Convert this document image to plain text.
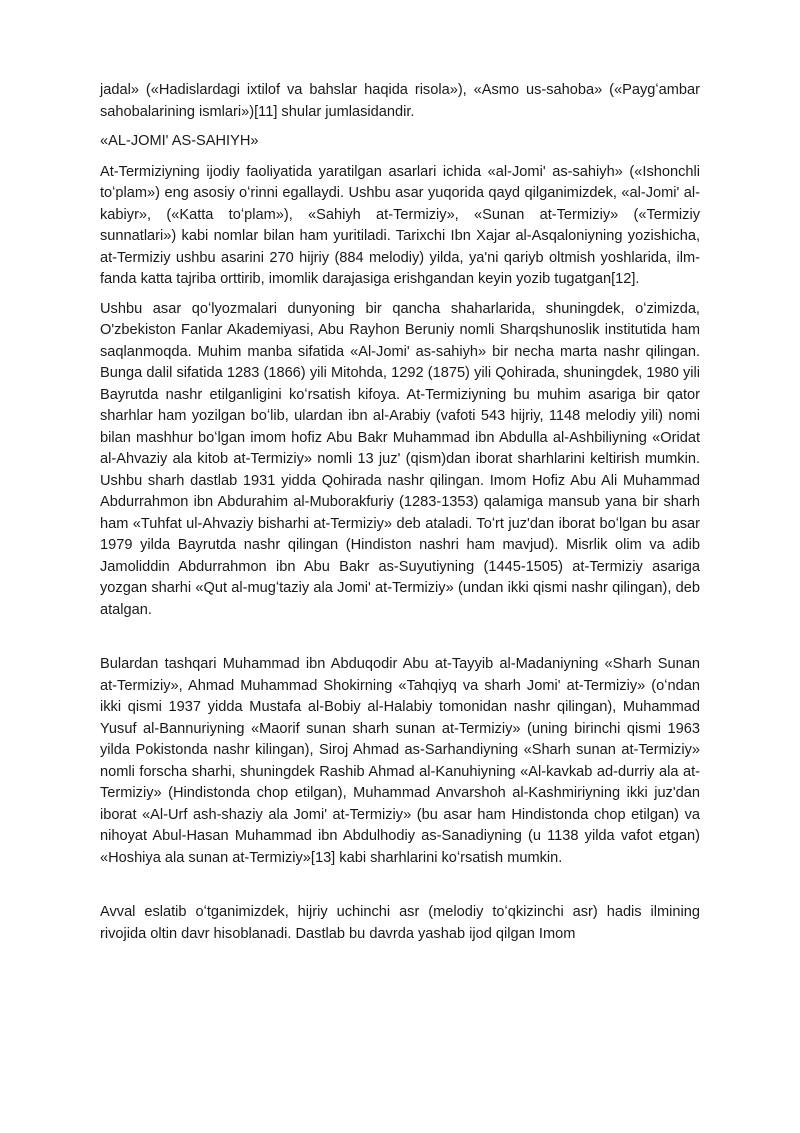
jadal» («Hadislardagi ixtilof va bahslar haqida risola»), «Asmo us-sahoba» («Paygʻambar sahobalarining ismlari»)[11] shular jumlasidandir.

«AL-JOMI' AS-SAHIYH»

At-Termiziyning ijodiy faoliyatida yaratilgan asarlari ichida «al-Jomi' as-sahiyh» («Ishonchli toʻplam») eng asosiy oʻrinni egallaydi. Ushbu asar yuqorida qayd qilganimizdek, «al-Jomi' al-kabiyr», («Katta toʻplam»), «Sahiyh at-Termiziy», «Sunan at-Termiziy» («Termiziy sunnatlari») kabi nomlar bilan ham yuritiladi. Tarixchi Ibn Xajar al-Asqaloniyning yozishicha, at-Termiziy ushbu asarini 270 hijriy (884 melodiy) yilda, ya'ni qariyb oltmish yoshlarida, ilm-fanda katta tajriba orttirib, imomlik darajasiga erishgandan keyin yozib tugatgan[12].

Ushbu asar qoʻlyozmalari dunyoning bir qancha shaharlarida, shuningdek, oʻzimizda, O'zbekiston Fanlar Akademiyasi, Abu Rayhon Beruniy nomli Sharqshunoslik institutida ham saqlanmoqda. Muhim manba sifatida «Al-Jomi' as-sahiyh» bir necha marta nashr qilingan. Bunga dalil sifatida 1283 (1866) yili Mitohda, 1292 (1875) yili Qohirada, shuningdek, 1980 yili Bayrutda nashr etilganligini koʻrsatish kifoya. At-Termiziyning bu muhim asariga bir qator sharhlar ham yozilgan boʻlib, ulardan ibn al-Arabiy (vafoti 543 hijriy, 1148 melodiy yili) nomi bilan mashhur boʻlgan imom hofiz Abu Bakr Muhammad ibn Abdulla al-Ashbiliyning «Oridat al-Ahvaziy ala kitob at-Termiziy» nomli 13 juz' (qism)dan iborat sharhlarini keltirish mumkin. Ushbu sharh dastlab 1931 yidda Qohirada nashr qilingan. Imom Hofiz Abu Ali Muhammad Abdurrahmon ibn Abdurahim al-Muborakfuriy (1283-1353) qalamiga mansub yana bir sharh ham «Tuhfat ul-Ahvaziy bisharhi at-Termiziy» deb ataladi. Toʻrt juz'dan iborat boʻlgan bu asar 1979 yilda Bayrutda nashr qilingan (Hindiston nashri ham mavjud). Misrlik olim va adib Jamoliddin Abdurrahmon ibn Abu Bakr as-Suyutiyning (1445-1505) at-Termiziy asariga yozgan sharhi «Qut al-mugʻtaziy ala Jomi' at-Termiziy» (undan ikki qismi nashr qilingan), deb atalgan.

Bulardan tashqari Muhammad ibn Abduqodir Abu at-Tayyib al-Madaniyning «Sharh Sunan at-Termiziy», Ahmad Muhammad Shokirning «Tahqiyq va sharh Jomi' at-Termiziy» (oʻndan ikki qismi 1937 yidda Mustafa al-Bobiy al-Halabiy tomonidan nashr qilingan), Muhammad Yusuf al-Bannuriyning «Maorif sunan sharh sunan at-Termiziy» (uning birinchi qismi 1963 yilda Pokistonda nashr kilingan), Siroj Ahmad as-Sarhandiyning «Sharh sunan at-Termiziy» nomli forscha sharhi, shuningdek Rashib Ahmad al-Kanuhiyning «Al-kavkab ad-durriy ala at-Termiziy» (Hindistonda chop etilgan), Muhammad Anvarshoh al-Kashmiriyning ikki juz'dan iborat «Al-Urf ash-shaziy ala Jomi' at-Termiziy» (bu asar ham Hindistonda chop etilgan) va nihoyat Abul-Hasan Muhammad ibn Abdulhodiy as-Sanadiyning (u 1138 yilda vafot etgan) «Hoshiya ala sunan at-Termiziy»[13] kabi sharhlarini koʻrsatish mumkin.

Avval eslatib oʻtganimizdek, hijriy uchinchi asr (melodiy toʻqkizinchi asr) hadis ilmining rivojida oltin davr hisoblanadi. Dastlab bu davrda yashab ijod qilgan Imom
